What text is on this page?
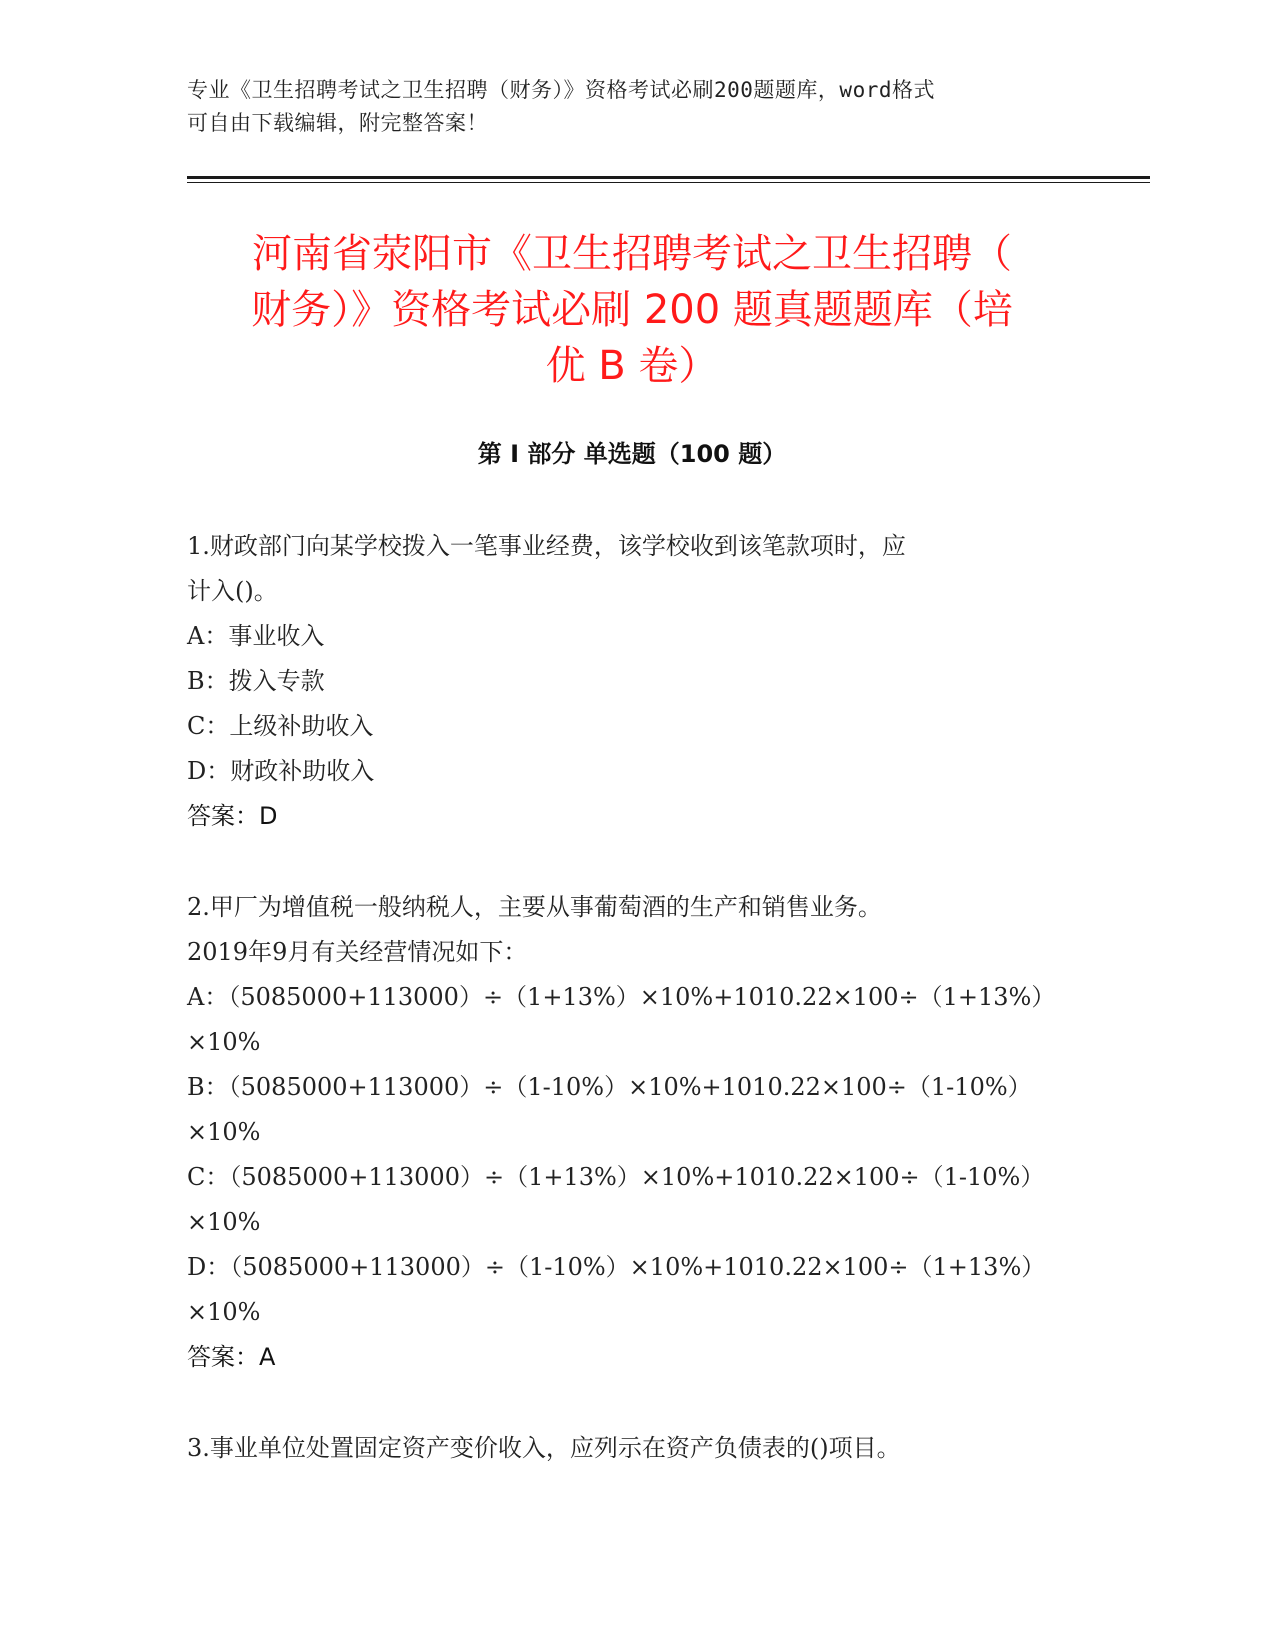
专业《卫生招聘考试之卫生招聘（财务）》资格考试必刷200题题库，word格式
可自由下载编辑，附完整答案！
河南省荥阳市《卫生招聘考试之卫生招聘（
财务）》资格考试必刷 200 题真题题库（培
优 B 卷）
第 I 部分 单选题（100 题）
1.财政部门向某学校拨入一笔事业经费，该学校收到该笔款项时，应
计入()。
A：事业收入
B：拨入专款
C：上级补助收入
D：财政补助收入
答案：D
2.甲厂为增值税一般纳税人，主要从事葡萄酒的生产和销售业务。
2019年9月有关经营情况如下：
A：（5085000+113000）÷（1+13%）×10%+1010.22×100÷（1+13%）
×10%
B：（5085000+113000）÷（1-10%）×10%+1010.22×100÷（1-10%）
×10%
C：（5085000+113000）÷（1+13%）×10%+1010.22×100÷（1-10%）
×10%
D：（5085000+113000）÷（1-10%）×10%+1010.22×100÷（1+13%）
×10%
答案：A
3.事业单位处置固定资产变价收入，应列示在资产负债表的()项目。
